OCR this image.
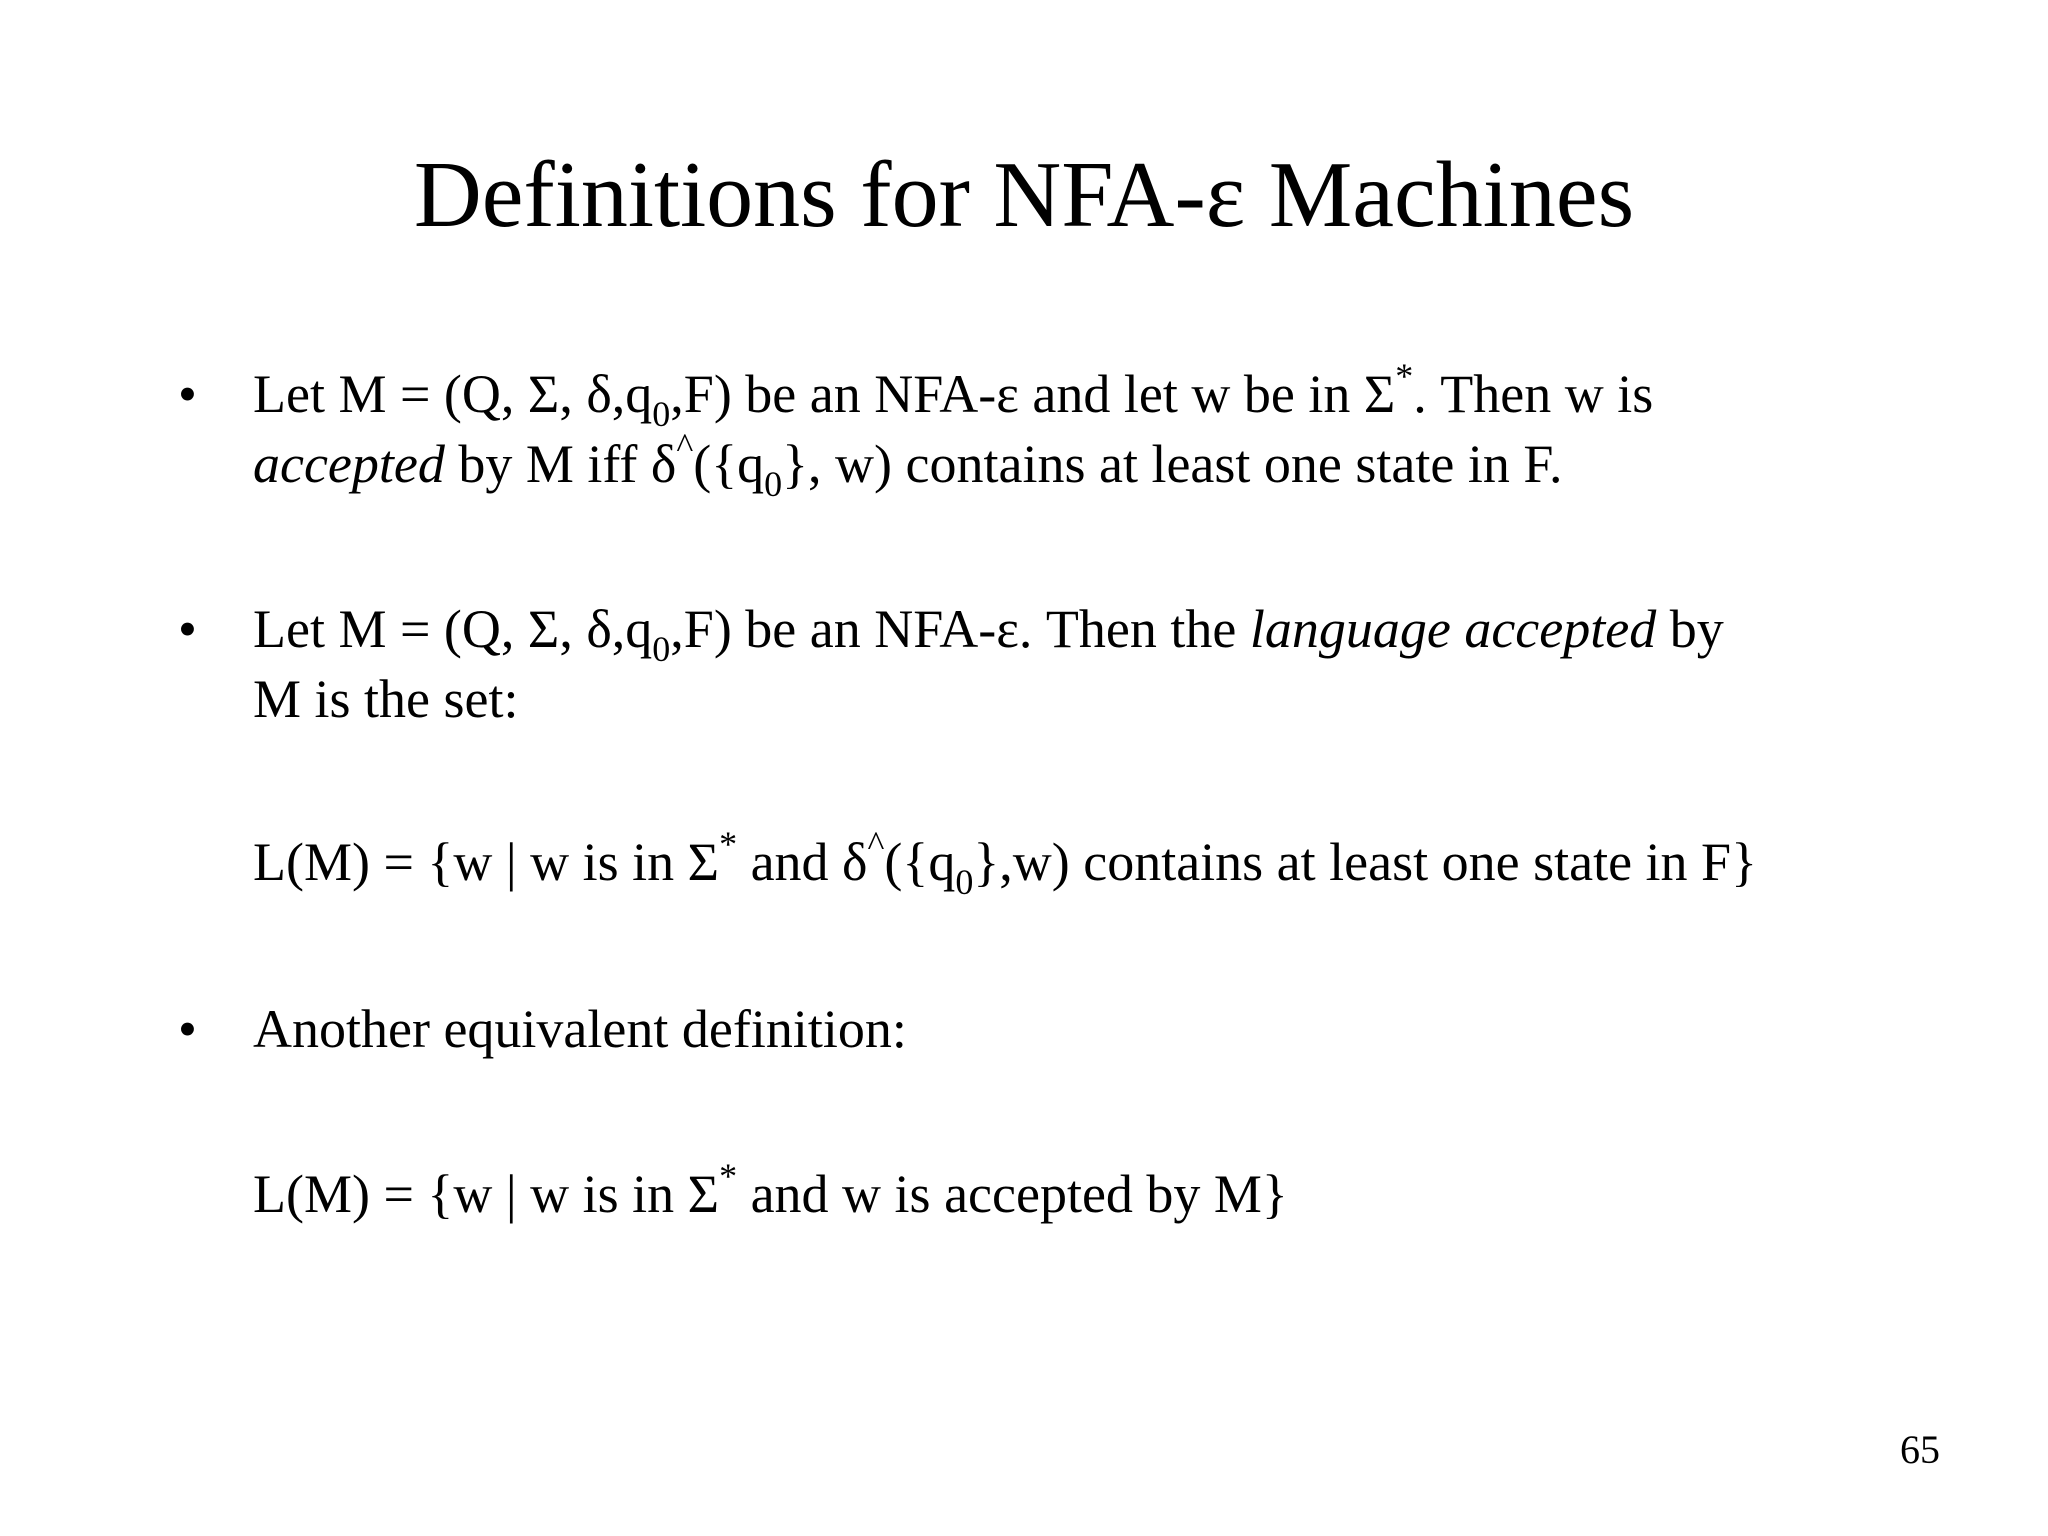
Definitions for NFA-ε Machines
• Let M = (Q, Σ, $\delta,q_0,F$) be an NFA-ε and let w be in Σ*. Then w is
accepted by M iff $\delta^{\^{}}(\{q_0\}$, w) contains at least one state in F.
• Let M = (Q, Σ, $\delta,q_0,F$) be an NFA-ε. Then the language accepted by
M is the set:
L(M) = {w | w is in Σ* and $\delta^{\^{}}(\{q_0\},w)$ contains at least one state in F}
• Another equivalent definition:
L(M) = {w | w is in Σ* and w is accepted by M}
65
